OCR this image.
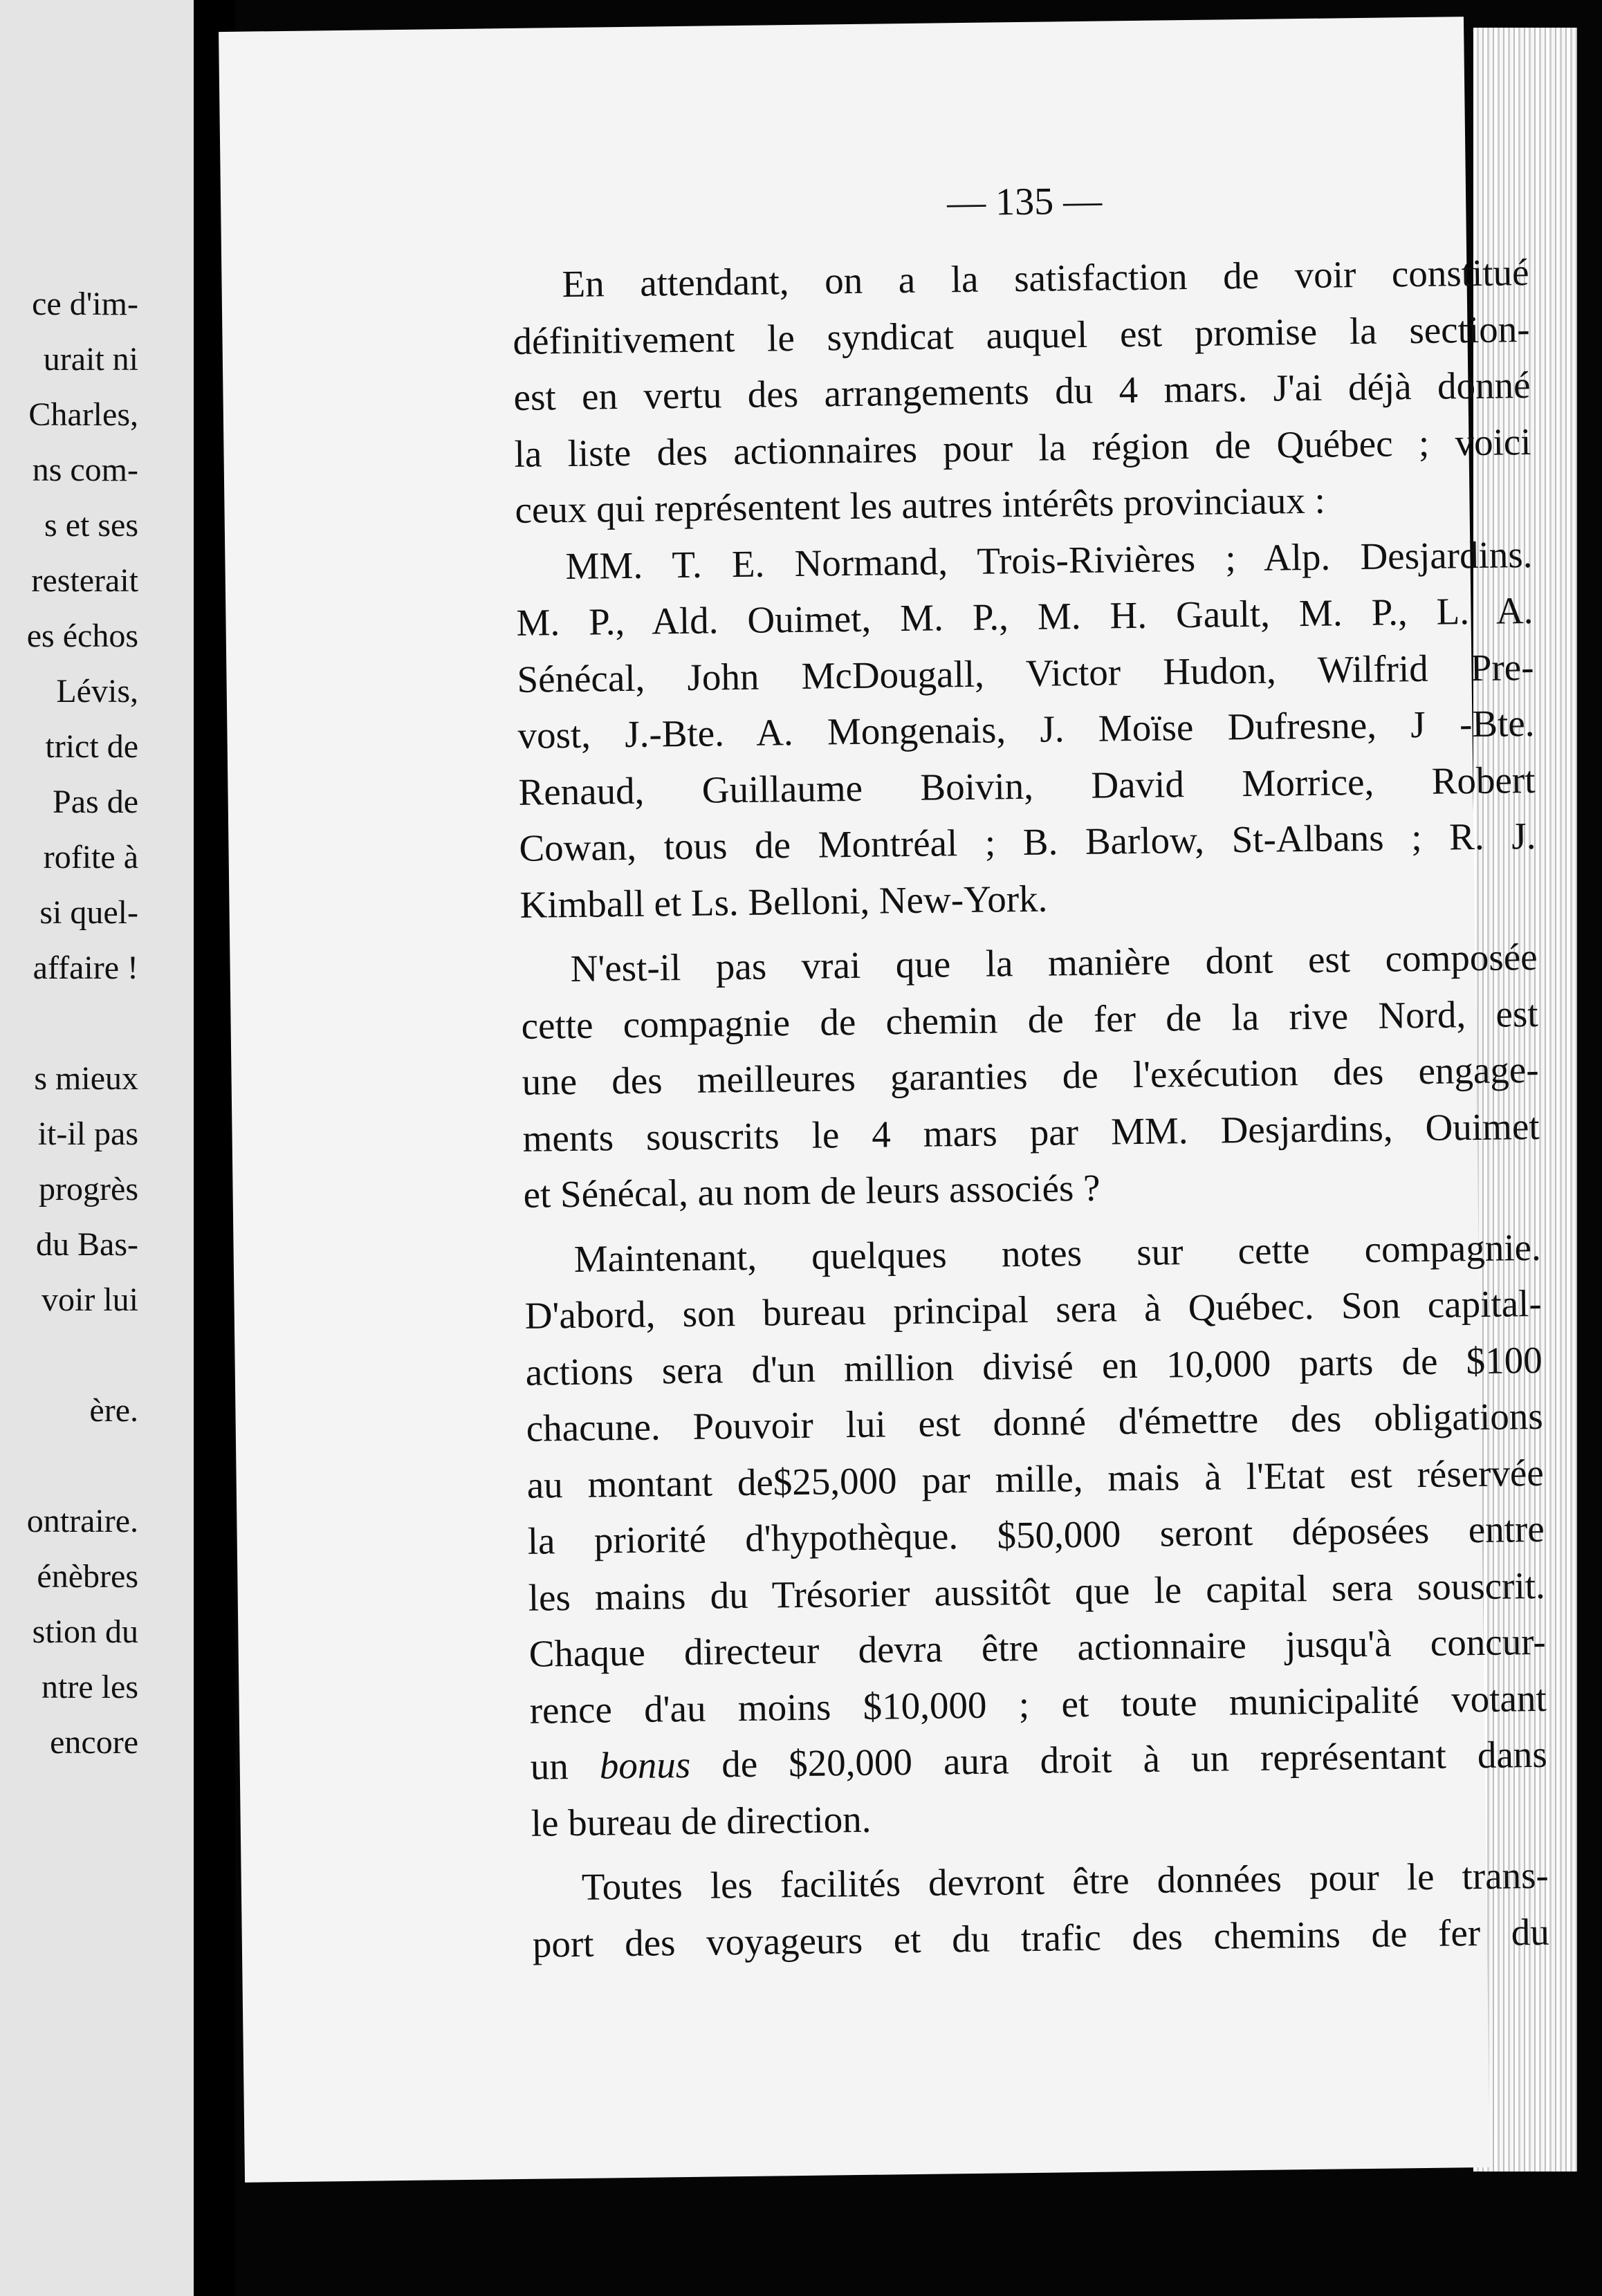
ce d'im-
urait ni
Charles,
ns com-
s et ses
resterait
es échos
Lévis,
trict de
Pas de
rofite à
si quel-
affaire !
s mieux
it-il pas
progrès
du Bas-
voir lui
ère.
ontraire.
énèbres
stion du
ntre les
encore
— 135 —

En attendant, on a la satisfaction de voir constitué

définitivement le syndicat auquel est promise la section-

est en vertu des arrangements du 4 mars. J'ai déjà donné

la liste des actionnaires pour la région de Québec ; voici

ceux qui représentent les autres intérêts provinciaux :

MM. T. E. Normand, Trois-Rivières ; Alp. Desjardins.

M. P., Ald. Ouimet, M. P., M. H. Gault, M. P., L. A.

Sénécal, John McDougall, Victor Hudon, Wilfrid Pre-

vost, J.-Bte. A. Mongenais, J. Moïse Dufresne, J -Bte.

Renaud, Guillaume Boivin, David Morrice, Robert

Cowan, tous de Montréal ; B. Barlow, St-Albans ; R. J.

Kimball et Ls. Belloni, New-York.

N'est-il pas vrai que la manière dont est composée

cette compagnie de chemin de fer de la rive Nord, est

une des meilleures garanties de l'exécution des engage-

ments souscrits le 4 mars par MM. Desjardins, Ouimet

et Sénécal, au nom de leurs associés ?

Maintenant, quelques notes sur cette compagnie.

D'abord, son bureau principal sera à Québec. Son capital-

actions sera d'un million divisé en 10,000 parts de $100

chacune. Pouvoir lui est donné d'émettre des obligations

au montant de$25,000 par mille, mais à l'Etat est réservée

la priorité d'hypothèque. $50,000 seront déposées entre

les mains du Trésorier aussitôt que le capital sera souscrit.

Chaque directeur devra être actionnaire jusqu'à concur-

rence d'au moins $10,000 ; et toute municipalité votant

un bonus de $20,000 aura droit à un représentant dans

le bureau de direction.

Toutes les facilités devront être données pour le trans-

port des voyageurs et du trafic des chemins de fer du
